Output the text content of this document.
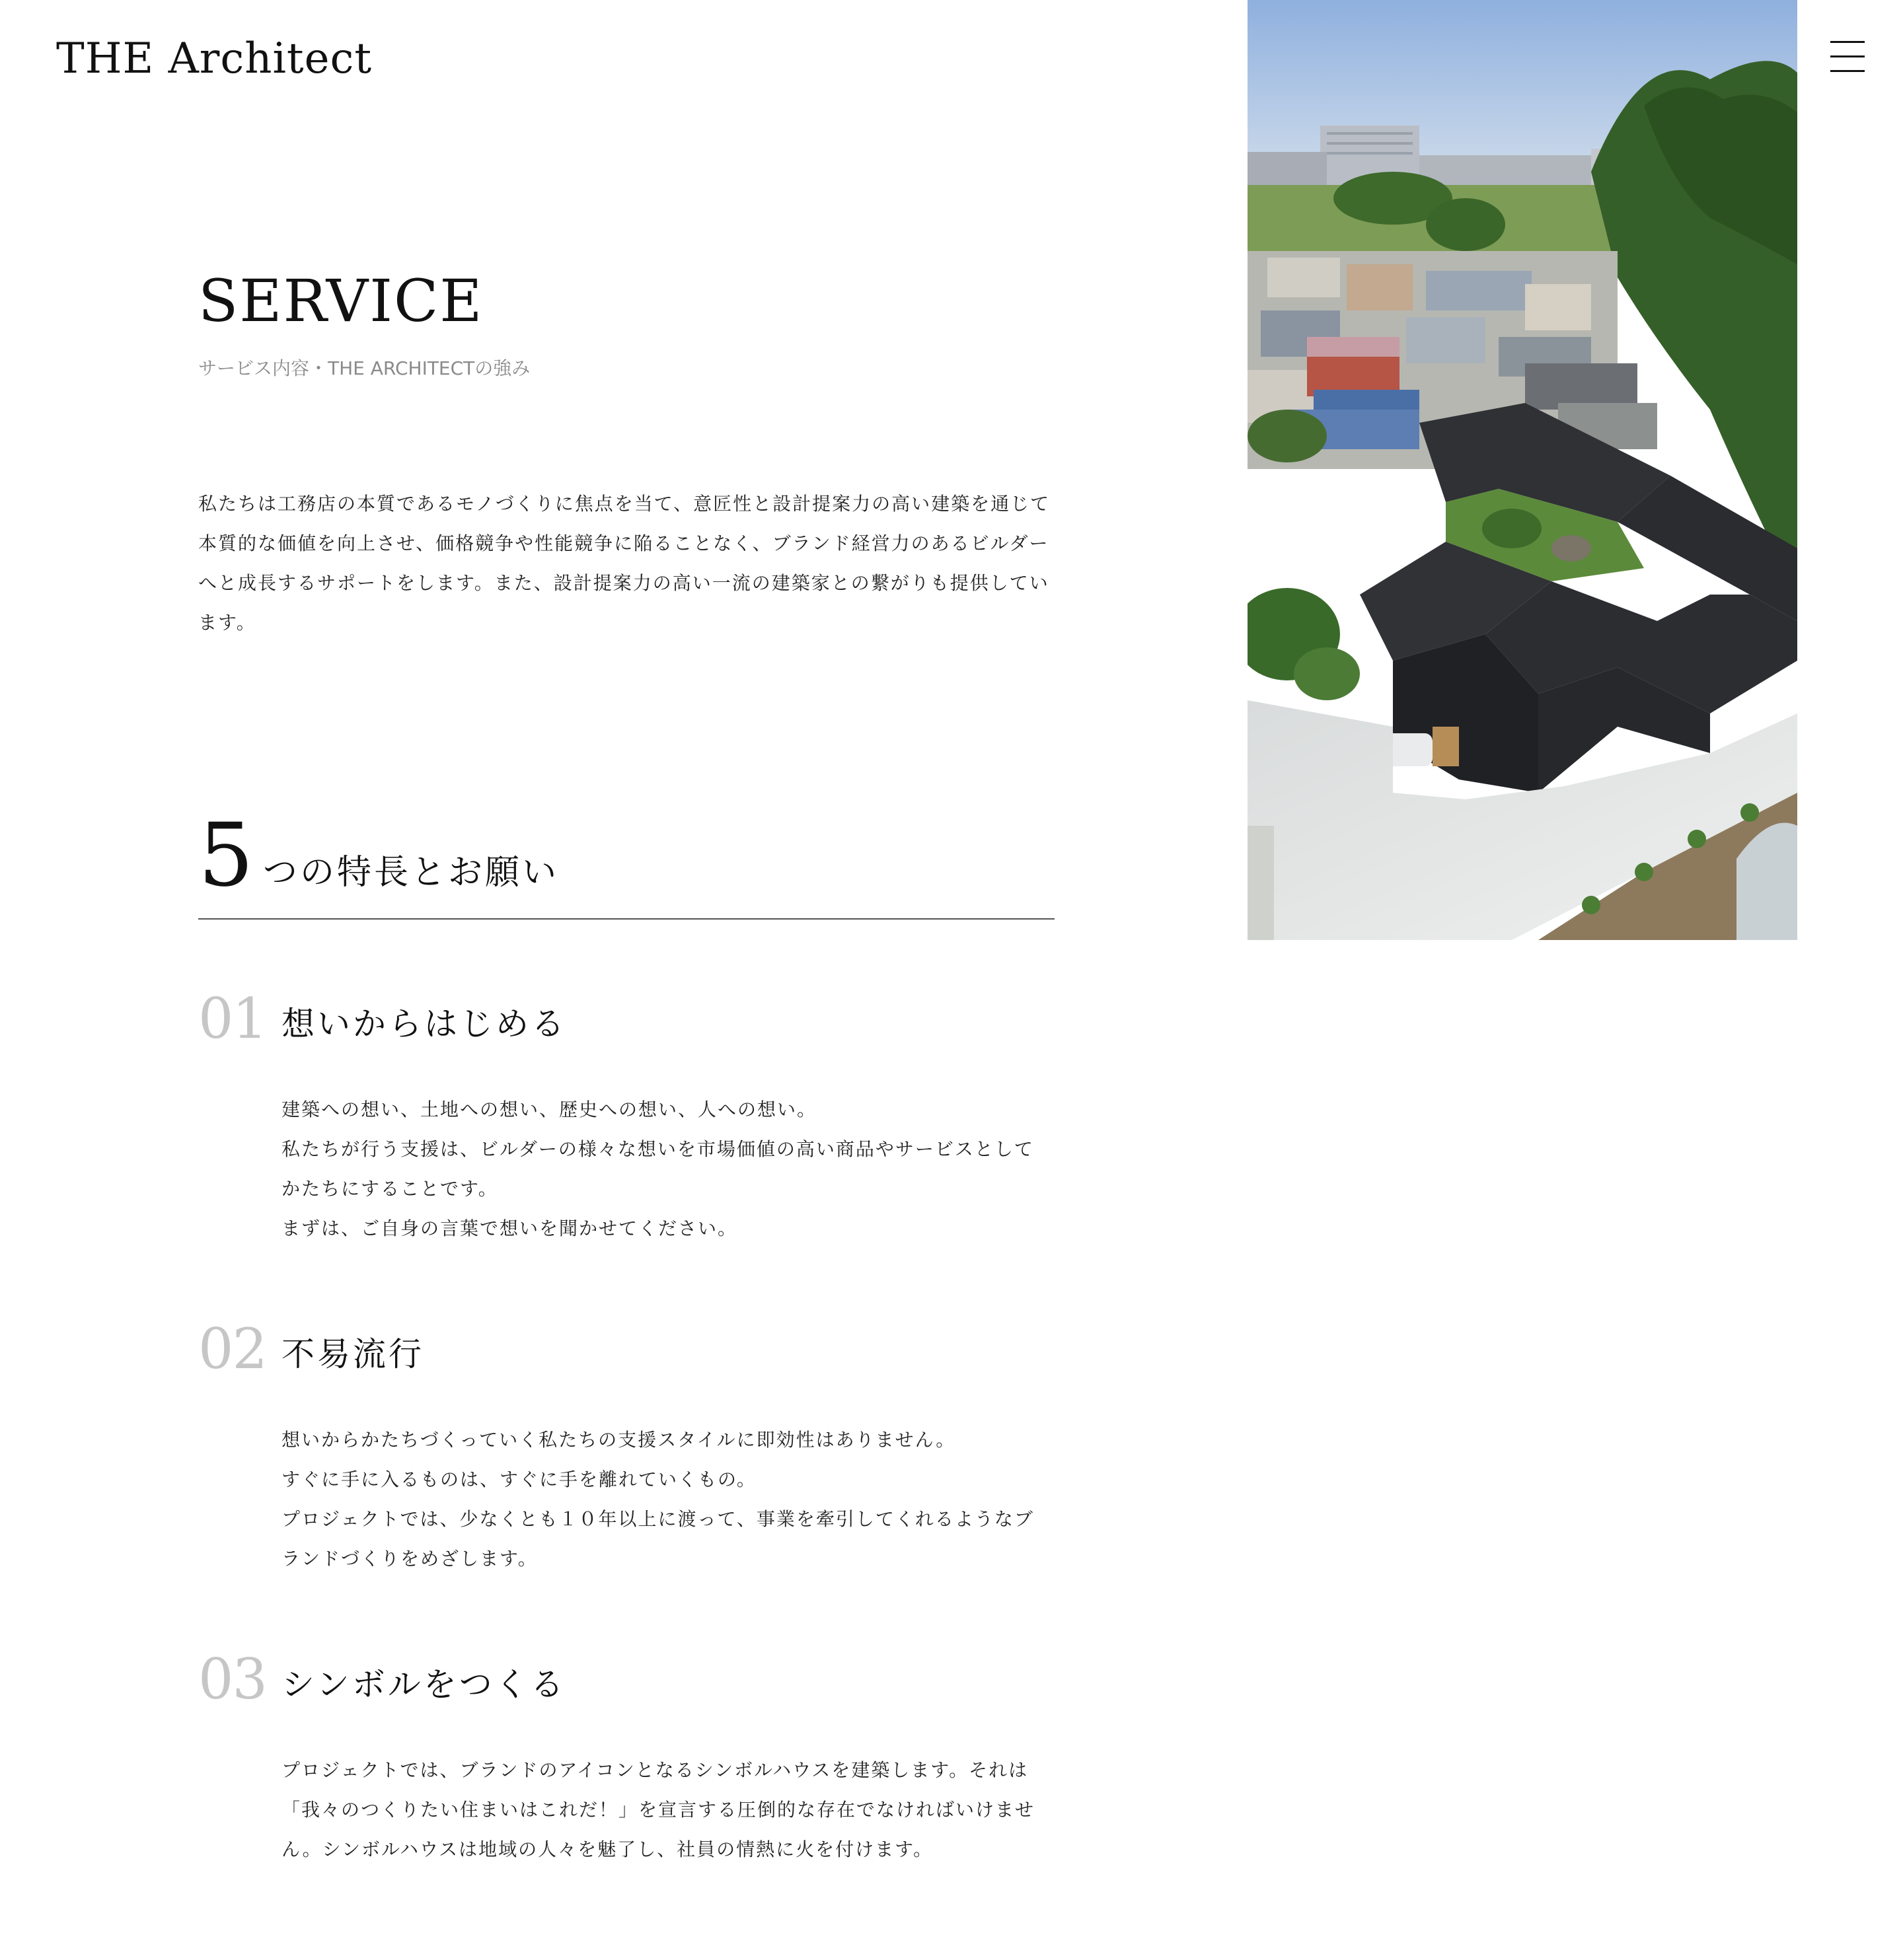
THE Architect
SERVICE
サービス内容・THE ARCHITECTの強み

私たちは工務店の本質であるモノづくりに焦点を当て、意匠性と設計提案力の高い建築を通じて本質的な価値を向上させ、価格競争や性能競争に陥ることなく、ブランド経営力のあるビルダーへと成長するサポートをします。また、設計提案力の高い一流の建築家との繋がりも提供しています。

5 つの特長とお願い
01 想いからはじめる

建築への想い、土地への想い、歴史への想い、人への想い。

私たちが行う支援は、ビルダーの様々な想いを市場価値の高い商品やサービスとしてかたちにすることです。

まずは、ご自身の言葉で想いを聞かせてください。

02 不易流行

想いからかたちづくっていく私たちの支援スタイルに即効性はありません。

すぐに手に入るものは、すぐに手を離れていくもの。

プロジェクトでは、少なくとも１０年以上に渡って、事業を牽引してくれるようなブランドづくりをめざします。

03 シンボルをつくる

プロジェクトでは、ブランドのアイコンとなるシンボルハウスを建築します。それは「我々のつくりたい住まいはこれだ！」を宣言する圧倒的な存在でなければいけません。シンボルハウスは地域の人々を魅了し、社員の情熱に火を付けます。
